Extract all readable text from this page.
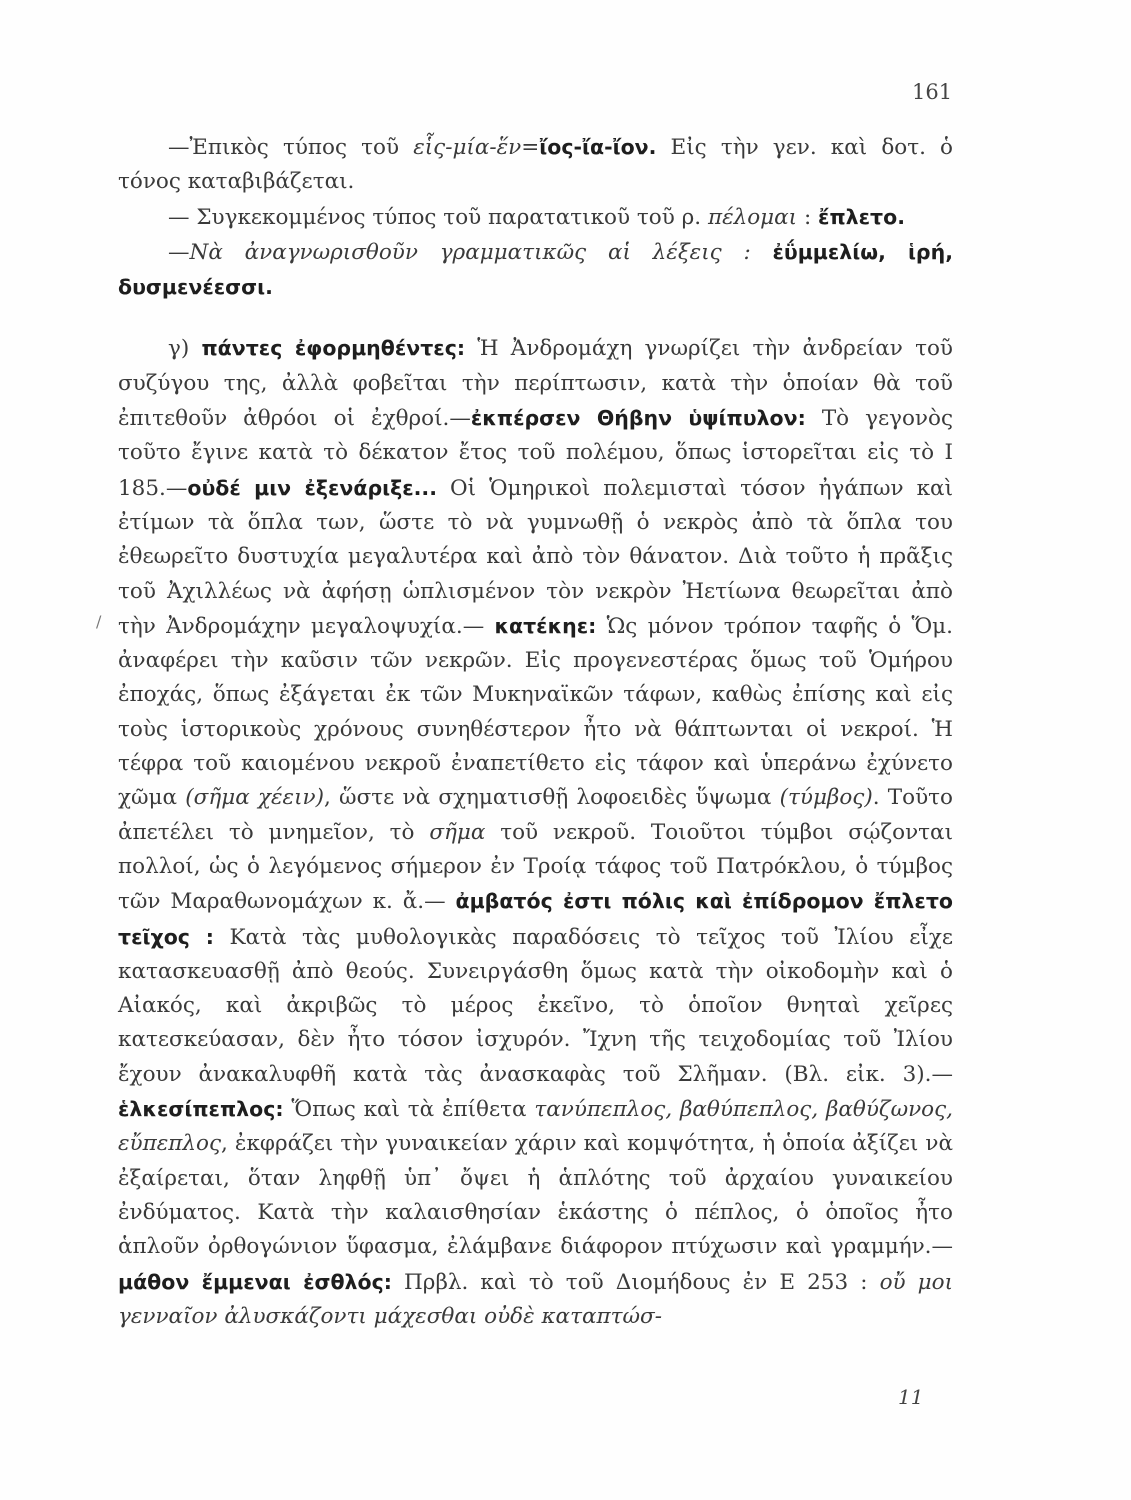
161
/

—Ἐπικὸς τύπος τοῦ εἷς-μία-ἕν=ἴος-ἴα-ἴον. Εἰς τὴν γεν. καὶ δοτ. ὁ τόνος καταβιβάζεται.

— Συγκεκομμένος τύπος τοῦ παρατατικοῦ τοῦ ρ. πέλομαι : ἔπλετο.

—Νὰ ἀναγνωρισθοῦν γραμματικῶς αἱ λέξεις : ἐΰμμελίω, ἱρή, δυσμενέεσσι.

γ) πάντες ἐφορμηθέντες: Ἡ Ἀνδρομάχη γνωρίζει τὴν ἀνδρείαν τοῦ συζύγου της, ἀλλὰ φοβεῖται τὴν περίπτωσιν, κατὰ τὴν ὁποίαν θὰ τοῦ ἐπιτεθοῦν ἀθρόοι οἱ ἐχθροί.—ἐκπέρσεν Θήβην ὑψίπυλον: Τὸ γεγονὸς τοῦτο ἔγινε κατὰ τὸ δέκατον ἔτος τοῦ πολέμου, ὅπως ἱστορεῖται εἰς τὸ Ι 185.—οὐδέ μιν ἐξενάριξε... Οἱ Ὁμηρικοὶ πολεμισταὶ τόσον ἠγάπων καὶ ἐτίμων τὰ ὅπλα των, ὥστε τὸ νὰ γυμνωθῇ ὁ νεκρὸς ἀπὸ τὰ ὅπλα του ἐθεωρεῖτο δυστυχία μεγαλυτέρα καὶ ἀπὸ τὸν θάνατον. Διὰ τοῦτο ἡ πρᾶξις τοῦ Ἀχιλλέως νὰ ἀφήσῃ ὡπλισμένον τὸν νεκρὸν Ἠετίωνα θεωρεῖται ἀπὸ τὴν Ἀνδρομάχην μεγαλοψυχία.— κατέκηε: Ὡς μόνον τρόπον ταφῆς ὁ Ὅμ. ἀναφέρει τὴν καῦσιν τῶν νεκρῶν. Εἰς προγενεστέρας ὅμως τοῦ Ὁμήρου ἐποχάς, ὅπως ἐξάγεται ἐκ τῶν Μυκηναϊκῶν τάφων, καθὼς ἐπίσης καὶ εἰς τοὺς ἱστορικοὺς χρόνους συνηθέστερον ἦτο νὰ θάπτωνται οἱ νεκροί. Ἡ τέφρα τοῦ καιομένου νεκροῦ ἐναπετίθετο εἰς τάφον καὶ ὑπεράνω ἐχύνετο χῶμα (σῆμα χέειν), ὥστε νὰ σχηματισθῇ λοφοειδὲς ὕψωμα (τύμβος). Τοῦτο ἀπετέλει τὸ μνημεῖον, τὸ σῆμα τοῦ νεκροῦ. Τοιοῦτοι τύμβοι σῴζονται πολλοί, ὡς ὁ λεγόμενος σήμερον ἐν Τροίᾳ τάφος τοῦ Πατρόκλου, ὁ τύμβος τῶν Μαραθωνομάχων κ. ἄ.— ἀμβατός ἐστι πόλις καὶ ἐπίδρομον ἔπλετο τεῖχος : Κατὰ τὰς μυθολογικὰς παραδόσεις τὸ τεῖχος τοῦ Ἰλίου εἶχε κατασκευασθῇ ἀπὸ θεούς. Συνειργάσθη ὅμως κατὰ τὴν οἰκοδομὴν καὶ ὁ Αἰακός, καὶ ἀκριβῶς τὸ μέρος ἐκεῖνο, τὸ ὁποῖον θνηταὶ χεῖρες κατεσκεύασαν, δὲν ἦτο τόσον ἰσχυρόν. Ἴχνη τῆς τειχοδομίας τοῦ Ἰλίου ἔχουν ἀνακαλυφθῆ κατὰ τὰς ἀνασκαφὰς τοῦ Σλῆμαν. (Βλ. εἰκ. 3).— ἑλκεσίπεπλος: Ὅπως καὶ τὰ ἐπίθετα τανύπεπλος, βαθύπεπλος, βαθύζωνος, εὔπεπλος, ἐκφράζει τὴν γυναικείαν χάριν καὶ κομψότητα, ἡ ὁποία ἀξίζει νὰ ἐξαίρεται, ὅταν ληφθῇ ὑπ᾽ ὄψει ἡ ἁπλότης τοῦ ἀρχαίου γυναικείου ἐνδύματος. Κατὰ τὴν καλαισθησίαν ἑκάστης ὁ πέπλος, ὁ ὁποῖος ἦτο ἁπλοῦν ὀρθογώνιον ὕφασμα, ἐλάμβανε διάφορον πτύχωσιν καὶ γραμμήν.— μάθον ἔμμεναι ἐσθλός: Πρβλ. καὶ τὸ τοῦ Διομήδους ἐν Ε 253 : οὔ μοι γενναῖον ἀλυσκάζοντι μάχεσθαι οὐδὲ καταπτώσ-

11
